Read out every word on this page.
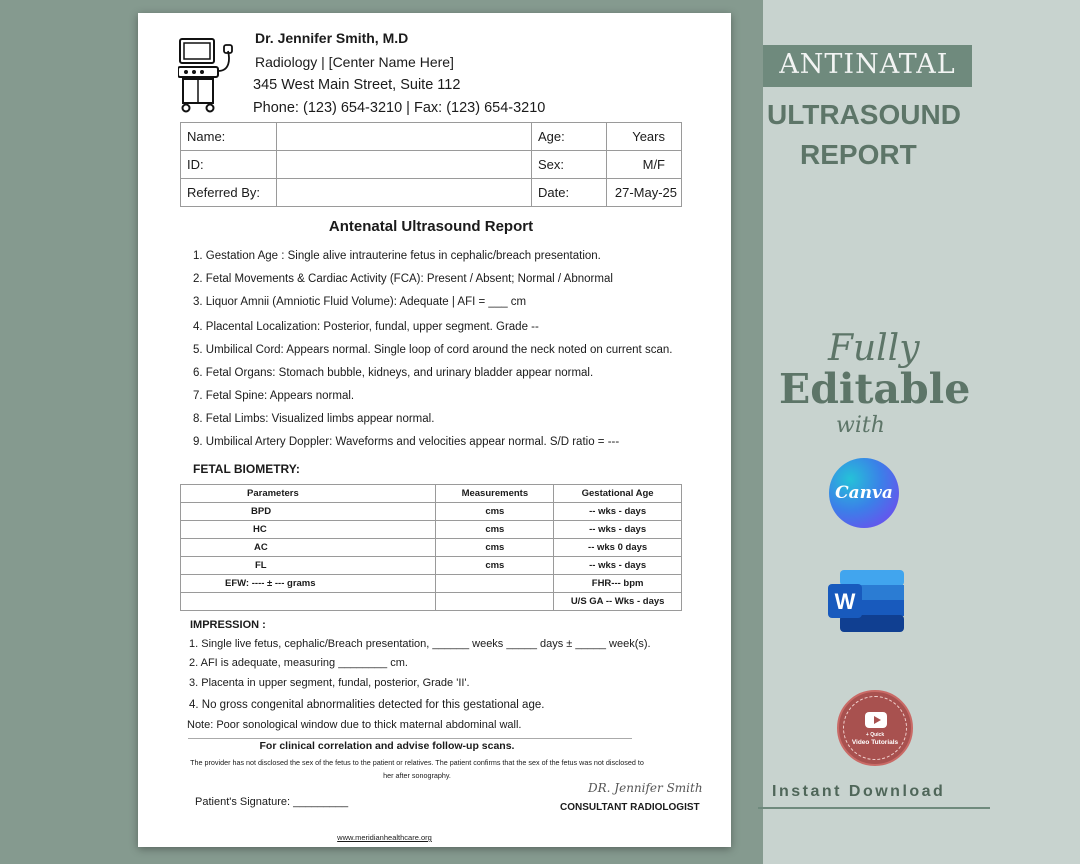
Dr. Jennifer Smith, M.D
Radiology | [Center Name Here]
345 West Main Street, Suite 112
Phone: (123) 654-3210 | Fax: (123) 654-3210
Name:		Age:	Years
ID:		Sex:	M/F
Referred By:		Date:	27-May-25
Antenatal Ultrasound Report
1. Gestation Age : Single alive intrauterine fetus in cephalic/breach presentation.
2. Fetal Movements & Cardiac Activity (FCA): Present / Absent; Normal / Abnormal
3. Liquor Amnii (Amniotic Fluid Volume): Adequate | AFI = ___ cm
4. Placental Localization: Posterior, fundal, upper segment. Grade --
5. Umbilical Cord: Appears normal. Single loop of cord around the neck noted on current scan.
6. Fetal Organs: Stomach bubble, kidneys, and urinary bladder appear normal.
7. Fetal Spine: Appears normal.
8. Fetal Limbs: Visualized limbs appear normal.
9. Umbilical Artery Doppler: Waveforms and velocities appear normal. S/D ratio = ---
FETAL BIOMETRY:
Parameters	Measurements	Gestational Age
BPD	cms	-- wks - days
HC	cms	-- wks - days
AC	cms	-- wks 0 days
FL	cms	-- wks - days
EFW: ---- ± --- grams		FHR--- bpm
		U/S GA -- Wks - days
IMPRESSION :
1. Single live fetus, cephalic/Breach presentation, ______ weeks _____ days ± _____ week(s).
2. AFI is adequate, measuring ________ cm.
3. Placenta in upper segment, fundal, posterior, Grade 'II'.
4. No gross congenital abnormalities detected for this gestational age.
Note: Poor sonological window due to thick maternal abdominal wall.
For clinical correlation and advise follow-up scans.
The provider has not disclosed the sex of the fetus to the patient or relatives. The patient confirms that the sex of the fetus was not disclosed to her after sonography.
Patient's Signature: _________
DR. Jennifer Smith
CONSULTANT RADIOLOGIST
www.meridianhealthcare.org
ANTINATAL
ULTRASOUND
REPORT
Fully
Editable
with
Canva
W
+ Quick
Video Tutorials
Instant Download
